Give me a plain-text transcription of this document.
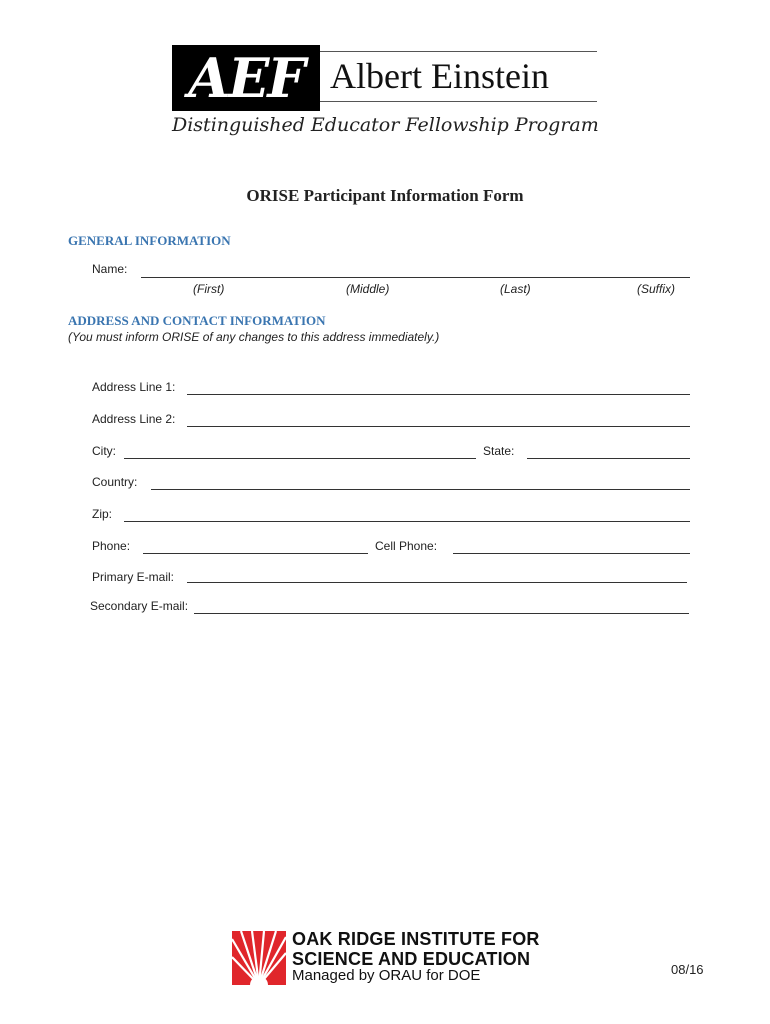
AEF Albert Einstein
Distinguished Educator Fellowship Program
ORISE Participant Information Form
GENERAL INFORMATION
Name:
(First)	(Middle)	(Last)	(Suffix)
ADDRESS AND CONTACT INFORMATION
(You must inform ORISE of any changes to this address immediately.)
Address Line 1:
Address Line 2:
City:	State:
Country:
Zip:
Phone:	Cell Phone:
Primary E-mail:
Secondary E-mail:
OAK RIDGE INSTITUTE FOR
SCIENCE AND EDUCATION
Managed by ORAU for DOE	08/16
